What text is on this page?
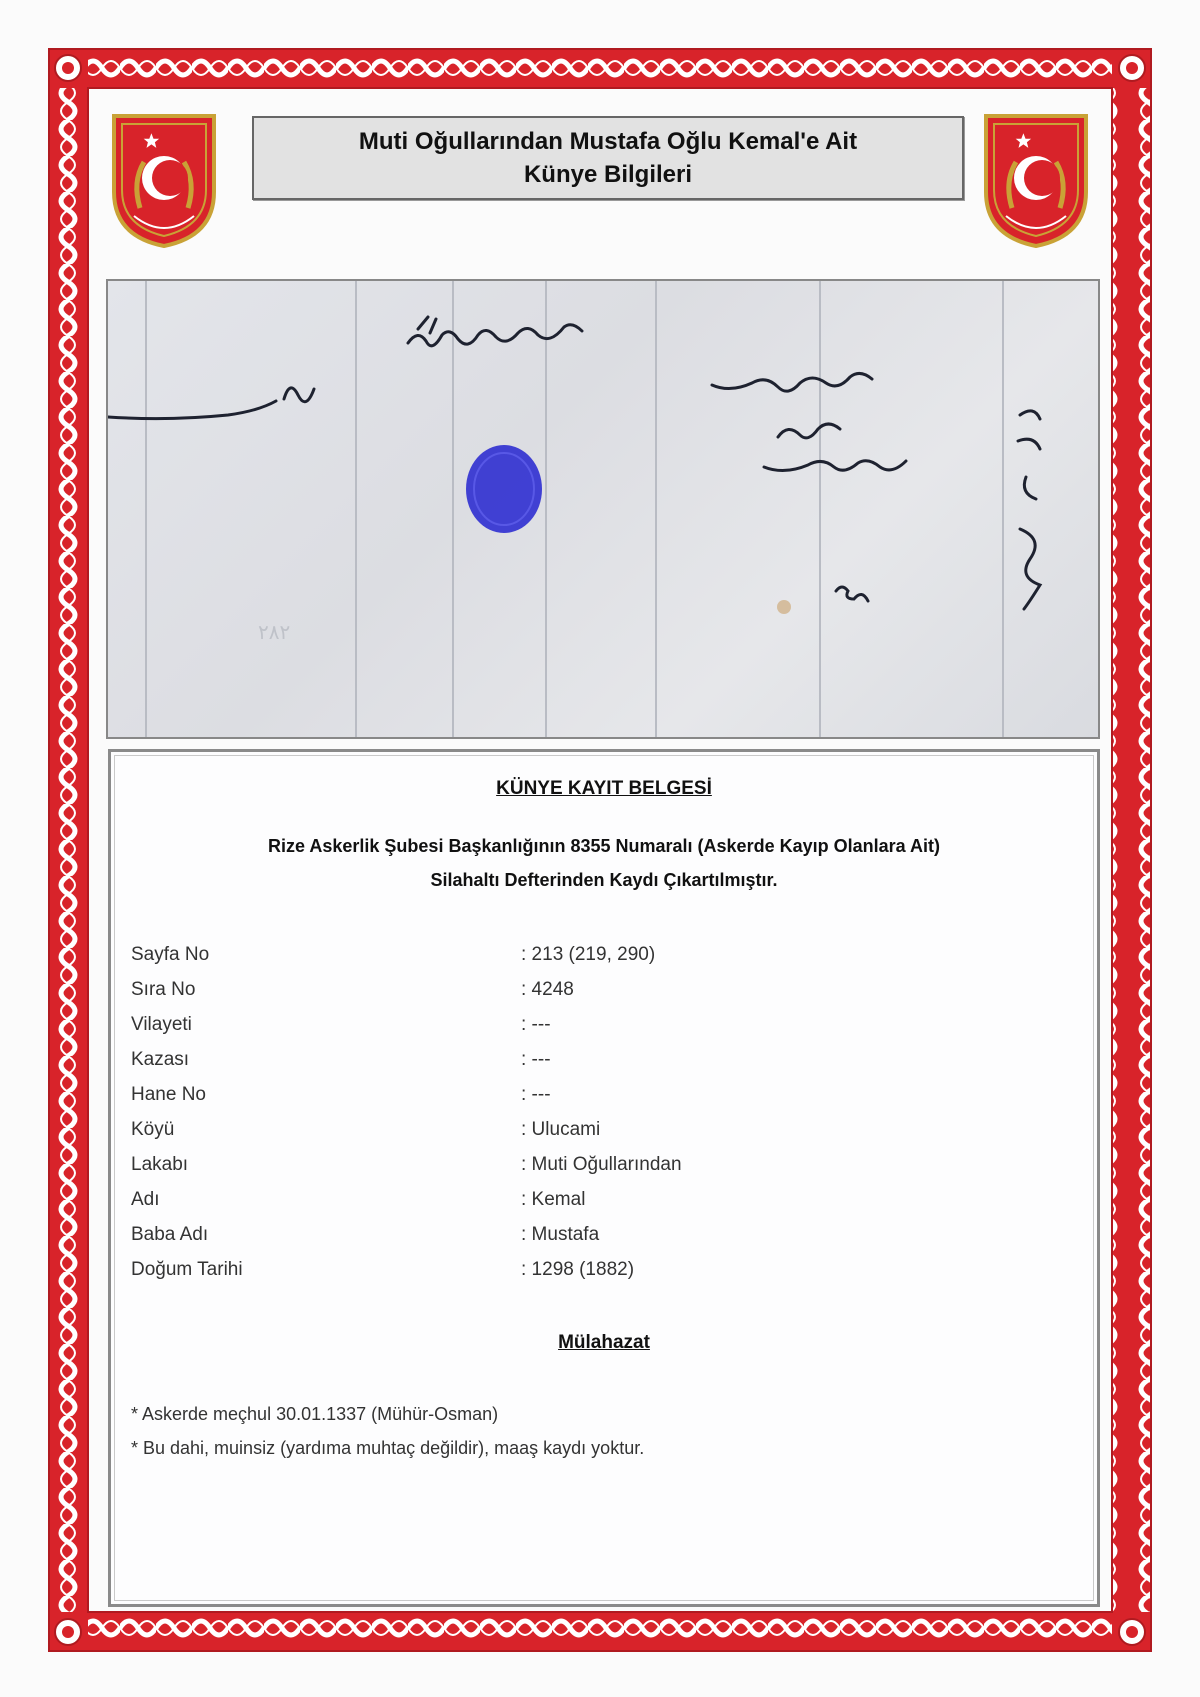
Muti Oğullarından Mustafa Oğlu Kemal'e Ait
Künye Bilgileri
٢٨٢
KÜNYE KAYIT BELGESİ
Rize Askerlik Şubesi Başkanlığının 8355 Numaralı (Askerde Kayıp Olanlara Ait)
Silahaltı Defterinden Kaydı Çıkartılmıştır.
Sayfa No	: 213 (219, 290)
Sıra No	: 4248
Vilayeti	: ---
Kazası	: ---
Hane No	: ---
Köyü	: Ulucami
Lakabı	: Muti Oğullarından
Adı	: Kemal
Baba Adı	: Mustafa
Doğum Tarihi	: 1298 (1882)
Mülahazat
* Askerde meçhul 30.01.1337 (Mühür-Osman)
* Bu dahi, muinsiz (yardıma muhtaç değildir), maaş kaydı yoktur.
